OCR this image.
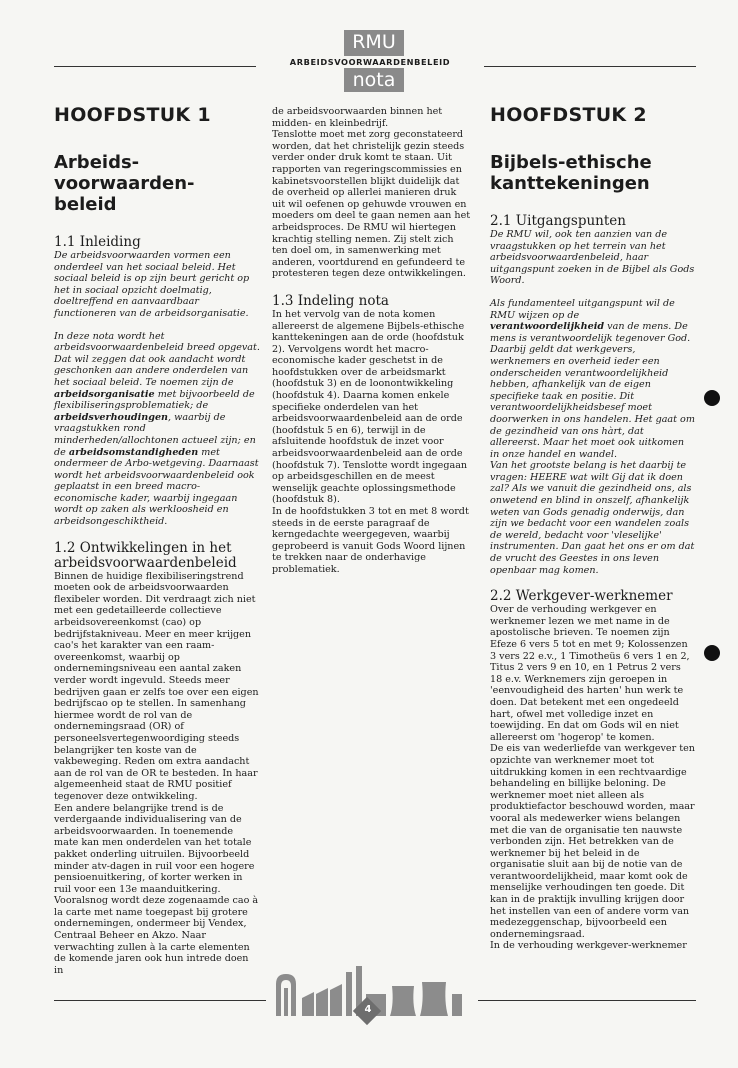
RMU
ARBEIDSVOORWAARDENBELEID
nota
HOOFDSTUK 1
Arbeids-
voorwaarden-
beleid
1.1 Inleiding

De arbeidsvoorwaarden vormen een onderdeel van het sociaal beleid. Het sociaal beleid is op zijn beurt gericht op het in sociaal opzicht doelmatig, doeltreffend en aanvaardbaar functioneren van de arbeidsorganisatie.

In deze nota wordt het arbeidsvoorwaardenbeleid breed opgevat. Dat wil zeggen dat ook aandacht wordt geschonken aan andere onderdelen van het sociaal beleid. Te noemen zijn de arbeidsorganisatie met bijvoorbeeld de flexibiliseringsproblematiek; de arbeidsverhoudingen, waarbij de vraagstukken rond minderheden/allochtonen actueel zijn; en de arbeidsomstandigheden met ondermeer de Arbo-wetgeving. Daarnaast wordt het arbeidsvoorwaardenbeleid ook geplaatst in een breed macro-economische kader, waarbij ingegaan wordt op zaken als werkloosheid en arbeidsongeschiktheid.

1.2 Ontwikkelingen in het arbeidsvoorwaardenbeleid

Binnen de huidige flexibiliseringstrend moeten ook de arbeidsvoorwaarden flexibeler worden. Dit verdraagt zich niet met een gedetailleerde collectieve arbeidsovereenkomst (cao) op bedrijfstakniveau. Meer en meer krijgen cao's het karakter van een raam-overeenkomst, waarbij op ondernemingsniveau een aantal zaken verder wordt ingevuld. Steeds meer bedrijven gaan er zelfs toe over een eigen bedrijfscao op te stellen. In samenhang hiermee wordt de rol van de ondernemingsraad (OR) of personeelsvertegenwoordiging steeds belangrijker ten koste van de vakbeweging. Reden om extra aandacht aan de rol van de OR te besteden. In haar algemeenheid staat de RMU positief tegenover deze ontwikkeling.

Een andere belangrijke trend is de verdergaande individualisering van de arbeidsvoorwaarden. In toenemende mate kan men onderdelen van het totale pakket onderling uitruilen. Bijvoorbeeld minder atv-dagen in ruil voor een hogere pensioenuitkering, of korter werken in ruil voor een 13e maanduitkering. Vooralsnog wordt deze zogenaamde cao à la carte met name toegepast bij grotere ondernemingen, ondermeer bij Vendex, Centraal Beheer en Akzo. Naar verwachting zullen à la carte elementen de komende jaren ook hun intrede doen in

de arbeidsvoorwaarden binnen het midden- en kleinbedrijf.

Tenslotte moet met zorg geconstateerd worden, dat het christelijk gezin steeds verder onder druk komt te staan. Uit rapporten van regeringscommissies en kabinetsvoorstellen blijkt duidelijk dat de overheid op allerlei manieren druk uit wil oefenen op gehuwde vrouwen en moeders om deel te gaan nemen aan het arbeidsproces. De RMU wil hiertegen krachtig stelling nemen. Zij stelt zich ten doel om, in samenwerking met anderen, voortdurend en gefundeerd te protesteren tegen deze ontwikkelingen.

1.3 Indeling nota

In het vervolg van de nota komen allereerst de algemene Bijbels-ethische kanttekeningen aan de orde (hoofdstuk 2). Vervolgens wordt het macro-economische kader geschetst in de hoofdstukken over de arbeidsmarkt (hoofdstuk 3) en de loonontwikkeling (hoofdstuk 4). Daarna komen enkele specifieke onderdelen van het arbeidsvoorwaardenbeleid aan de orde (hoofdstuk 5 en 6), terwijl in de afsluitende hoofdstuk de inzet voor arbeidsvoorwaardenbeleid aan de orde (hoofdstuk 7). Tenslotte wordt ingegaan op arbeidsgeschillen en de meest wenselijk geachte oplossingsmethode (hoofdstuk 8).

In de hoofdstukken 3 tot en met 8 wordt steeds in de eerste paragraaf de kerngedachte weergegeven, waarbij geprobeerd is vanuit Gods Woord lijnen te trekken naar de onderhavige problematiek.

HOOFDSTUK 2
Bijbels-ethische
kanttekeningen
2.1 Uitgangspunten

De RMU wil, ook ten aanzien van de vraagstukken op het terrein van het arbeidsvoorwaardenbeleid, haar uitgangspunt zoeken in de Bijbel als Gods Woord.

Als fundamenteel uitgangspunt wil de RMU wijzen op de verantwoordelijkheid van de mens. De mens is verantwoordelijk tegenover God. Daarbij geldt dat werkgevers, werknemers en overheid ieder een onderscheiden verantwoordelijkheid hebben, afhankelijk van de eigen specifieke taak en positie. Dit verantwoordelijkheidsbesef moet doorwerken in ons handelen. Het gaat om de gezindheid van ons hàrt, dat allereerst. Maar het moet ook uitkomen in onze handel en wandel.

Van het grootste belang is het daarbij te vragen: HEERE wat wilt Gij dat ik doen zal? Als we vanuit die gezindheid ons, als onwetend en blind in onszelf, afhankelijk weten van Gods genadig onderwijs, dan zijn we bedacht voor een wandelen zoals de wereld, bedacht voor 'vleselijke' instrumenten. Dan gaat het ons er om dat de vrucht des Geestes in ons leven openbaar mag komen.

2.2 Werkgever-werknemer

Over de verhouding werkgever en werknemer lezen we met name in de apostolische brieven. Te noemen zijn Efeze 6 vers 5 tot en met 9; Kolossenzen 3 vers 22 e.v., 1 Timotheüs 6 vers 1 en 2, Titus 2 vers 9 en 10, en 1 Petrus 2 vers 18 e.v. Werknemers zijn geroepen in 'eenvoudigheid des harten' hun werk te doen. Dat betekent met een ongedeeld hart, ofwel met volledige inzet en toewijding. En dat om Gods wil en niet allereerst om 'hogerop' te komen.

De eis van wederliefde van werkgever ten opzichte van werknemer moet tot uitdrukking komen in een rechtvaardige behandeling en billijke beloning. De werknemer moet niet alleen als produktiefactor beschouwd worden, maar vooral als medewerker wiens belangen met die van de organisatie ten nauwste verbonden zijn. Het betrekken van de werknemer bij het beleid in de organisatie sluit aan bij de notie van de verantwoordelijkheid, maar komt ook de menselijke verhoudingen ten goede. Dit kan in de praktijk invulling krijgen door het instellen van een of andere vorm van medezeggenschap, bijvoorbeeld een ondernemingsraad.

In de verhouding werkgever-werknemer

4
